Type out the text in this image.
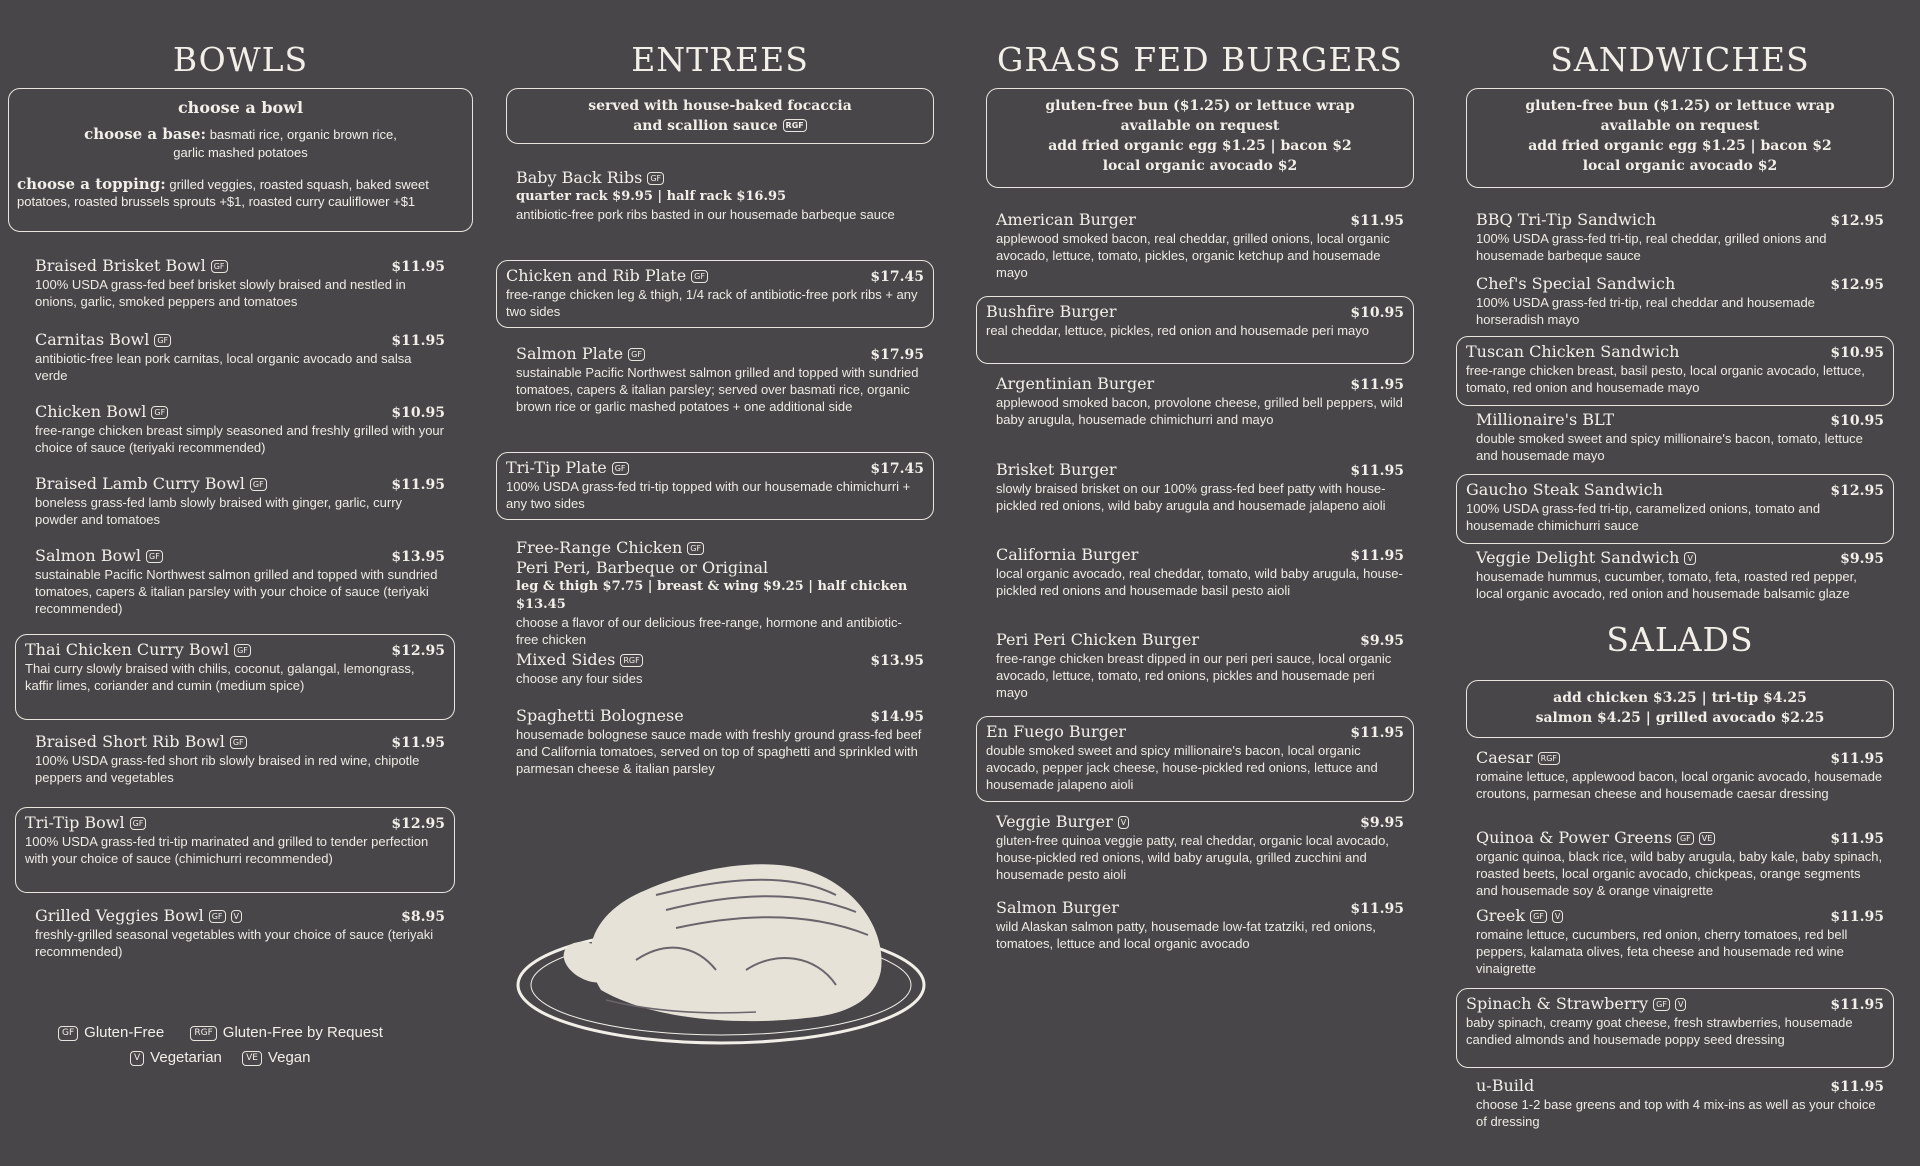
BOWLS
choose a bowl
choose a base: basmati rice, organic brown rice, garlic mashed potatoes
choose a topping: grilled veggies, roasted squash, baked sweet potatoes, roasted brussels sprouts +$1, roasted curry cauliflower +$1
Braised Brisket Bowl GF	$11.95
100% USDA grass-fed beef brisket slowly braised and nestled in onions, garlic, smoked peppers and tomatoes
Carnitas Bowl GF	$11.95
antibiotic-free lean pork carnitas, local organic avocado and salsa verde
Chicken Bowl GF	$10.95
free-range chicken breast simply seasoned and freshly grilled with your choice of sauce (teriyaki recommended)
Braised Lamb Curry Bowl GF	$11.95
boneless grass-fed lamb slowly braised with ginger, garlic, curry powder and tomatoes
Salmon Bowl GF	$13.95
sustainable Pacific Northwest salmon grilled and topped with sundried tomatoes, capers & italian parsley with your choice of sauce (teriyaki recommended)
Thai Chicken Curry Bowl GF	$12.95
Thai curry slowly braised with chilis, coconut, galangal, lemongrass, kaffir limes, coriander and cumin (medium spice)
Braised Short Rib Bowl GF	$11.95
100% USDA grass-fed short rib slowly braised in red wine, chipotle peppers and vegetables
Tri-Tip Bowl GF	$12.95
100% USDA grass-fed tri-tip marinated and grilled to tender perfection with your choice of sauce (chimichurri recommended)
Grilled Veggies Bowl GF V	$8.95
freshly-grilled seasonal vegetables with your choice of sauce (teriyaki recommended)
GF Gluten-Free	RGF Gluten-Free by Request
V Vegetarian	VE Vegan
ENTREES
served with house-baked focaccia
and scallion sauce RGF
Baby Back Ribs GF
quarter rack $9.95 | half rack $16.95
antibiotic-free pork ribs basted in our housemade barbeque sauce
Chicken and Rib Plate GF	$17.45
free-range chicken leg & thigh, 1/4 rack of antibiotic-free pork ribs + any two sides
Salmon Plate GF	$17.95
sustainable Pacific Northwest salmon grilled and topped with sundried tomatoes, capers & italian parsley; served over basmati rice, organic brown rice or garlic mashed potatoes + one additional side
Tri-Tip Plate GF	$17.45
100% USDA grass-fed tri-tip topped with our housemade chimichurri + any two sides
Free-Range Chicken GF
Peri Peri, Barbeque or Original
leg & thigh $7.75 | breast & wing $9.25 | half chicken $13.45
choose a flavor of our delicious free-range, hormone and antibiotic-free chicken
Mixed Sides RGF	$13.95
choose any four sides
Spaghetti Bolognese	$14.95
housemade bolognese sauce made with freshly ground grass-fed beef and California tomatoes, served on top of spaghetti and sprinkled with parmesan cheese & italian parsley
GRASS FED BURGERS
gluten-free bun ($1.25) or lettuce wrap
available on request
add fried organic egg $1.25 | bacon $2
local organic avocado $2
American Burger	$11.95
applewood smoked bacon, real cheddar, grilled onions, local organic avocado, lettuce, tomato, pickles, organic ketchup and housemade mayo
Bushfire Burger	$10.95
real cheddar, lettuce, pickles, red onion and housemade peri mayo
Argentinian Burger	$11.95
applewood smoked bacon, provolone cheese, grilled bell peppers, wild baby arugula, housemade chimichurri and mayo
Brisket Burger	$11.95
slowly braised brisket on our 100% grass-fed beef patty with house-pickled red onions, wild baby arugula and housemade jalapeno aioli
California Burger	$11.95
local organic avocado, real cheddar, tomato, wild baby arugula, house-pickled red onions and housemade basil pesto aioli
Peri Peri Chicken Burger	$9.95
free-range chicken breast dipped in our peri peri sauce, local organic avocado, lettuce, tomato, red onions, pickles and housemade peri mayo
En Fuego Burger	$11.95
double smoked sweet and spicy millionaire's bacon, local organic avocado, pepper jack cheese, house-pickled red onions, lettuce and housemade jalapeno aioli
Veggie Burger V	$9.95
gluten-free quinoa veggie patty, real cheddar, organic local avocado, house-pickled red onions, wild baby arugula, grilled zucchini and housemade pesto aioli
Salmon Burger	$11.95
wild Alaskan salmon patty, housemade low-fat tzatziki, red onions, tomatoes, lettuce and local organic avocado
SANDWICHES
gluten-free bun ($1.25) or lettuce wrap
available on request
add fried organic egg $1.25 | bacon $2
local organic avocado $2
BBQ Tri-Tip Sandwich	$12.95
100% USDA grass-fed tri-tip, real cheddar, grilled onions and housemade barbeque sauce
Chef's Special Sandwich	$12.95
100% USDA grass-fed tri-tip, real cheddar and housemade horseradish mayo
Tuscan Chicken Sandwich	$10.95
free-range chicken breast, basil pesto, local organic avocado, lettuce, tomato, red onion and housemade mayo
Millionaire's BLT	$10.95
double smoked sweet and spicy millionaire's bacon, tomato, lettuce and housemade mayo
Gaucho Steak Sandwich	$12.95
100% USDA grass-fed tri-tip, caramelized onions, tomato and housemade chimichurri sauce
Veggie Delight Sandwich V	$9.95
housemade hummus, cucumber, tomato, feta, roasted red pepper, local organic avocado, red onion and housemade balsamic glaze
SALADS
add chicken $3.25 | tri-tip $4.25
salmon $4.25 | grilled avocado $2.25
Caesar RGF	$11.95
romaine lettuce, applewood bacon, local organic avocado, housemade croutons, parmesan cheese and housemade caesar dressing
Quinoa & Power Greens GF VE	$11.95
organic quinoa, black rice, wild baby arugula, baby kale, baby spinach, roasted beets, local organic avocado, chickpeas, orange segments and housemade soy & orange vinaigrette
Greek GF V	$11.95
romaine lettuce, cucumbers, red onion, cherry tomatoes, red bell peppers, kalamata olives, feta cheese and housemade red wine vinaigrette
Spinach & Strawberry GF V	$11.95
baby spinach, creamy goat cheese, fresh strawberries, housemade candied almonds and housemade poppy seed dressing
u-Build	$11.95
choose 1-2 base greens and top with 4 mix-ins as well as your choice of dressing
